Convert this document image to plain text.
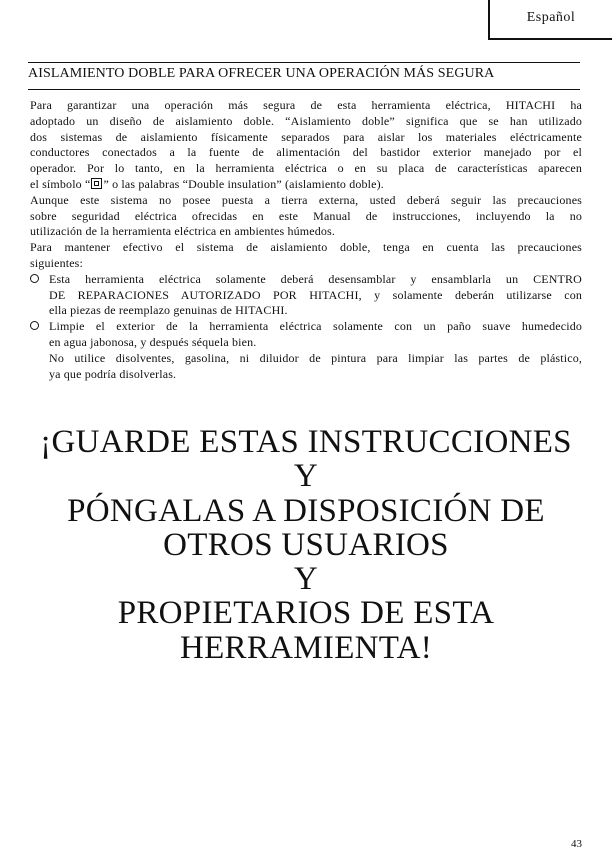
Español
AISLAMIENTO DOBLE PARA OFRECER UNA OPERACIÓN MÁS SEGURA

Para garantizar una operación más segura de esta herramienta eléctrica, HITACHI ha
adoptado un diseño de aislamiento doble. “Aislamiento doble” significa que se han utilizado
dos sistemas de aislamiento físicamente separados para aislar los materiales eléctricamente
conductores conectados a la fuente de alimentación del bastidor exterior manejado por el
operador. Por lo tanto, en la herramienta eléctrica o en su placa de características aparecen
el símbolo “ ” o las palabras “Double insulation” (aislamiento doble).

Aunque este sistema no posee puesta a tierra externa, usted deberá seguir las precauciones
sobre seguridad eléctrica ofrecidas en este Manual de instrucciones, incluyendo la no
utilización de la herramienta eléctrica en ambientes húmedos.

Para mantener efectivo el sistema de aislamiento doble, tenga en cuenta las precauciones
siguientes:

Esta herramienta eléctrica solamente deberá desensamblar y ensamblarla un CENTRO
DE REPARACIONES AUTORIZADO POR HITACHI, y solamente deberán utilizarse con
ella piezas de reemplazo genuinas de HITACHI.

Limpie el exterior de la herramienta eléctrica solamente con un paño suave humedecido
en agua jabonosa, y después séquela bien.
No utilice disolventes, gasolina, ni diluidor de pintura para limpiar las partes de plástico,
ya que podría disolverlas.

¡GUARDE ESTAS INSTRUCCIONES
Y
PÓNGALAS A DISPOSICIÓN DE
OTROS USUARIOS
Y
PROPIETARIOS DE ESTA
HERRAMIENTA!
43
